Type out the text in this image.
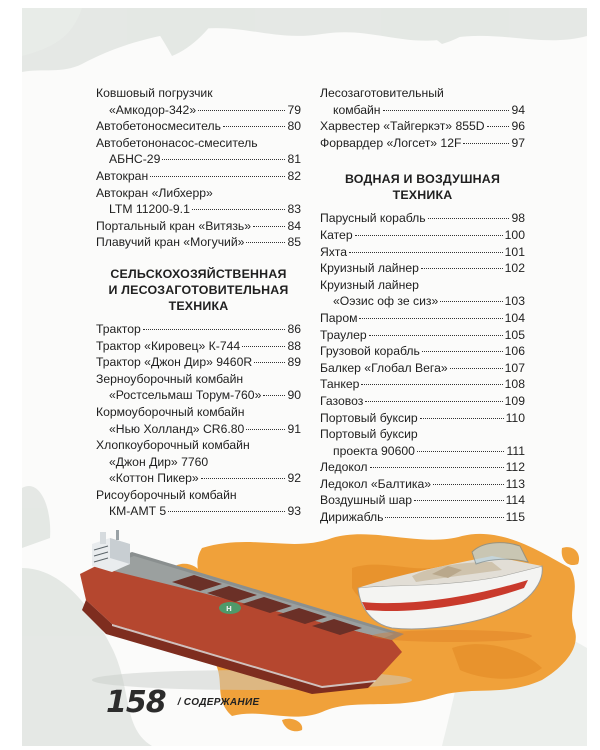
Ковшовый погрузчик
«Амкодор-342»	79
Автобетоносмеситель	80
Автобетононасос-смеситель
АБНС-29	81
Автокран	82
Автокран «Либхерр»
LTM 11200-9.1	83
Портальный кран «Витязь»	84
Плавучий кран «Могучий»	85
СЕЛЬСКОХОЗЯЙСТВЕННАЯ
И ЛЕСОЗАГОТОВИТЕЛЬНАЯ
ТЕХНИКА
Трактор	86
Трактор «Кировец» К-744	88
Трактор «Джон Дир» 9460R	89
Зерноуборочный комбайн
«Ростсельмаш Торум-760» 90
Кормоуборочный комбайн
«Нью Холланд» CR6.80	91
Хлопкоуборочный комбайн
«Джон Дир» 7760
«Коттон Пикер»	92
Рисоуборочный комбайн
КМ-АМТ 5	93
Лесозаготовительный
комбайн	94
Харвестер «Тайгеркэт» 855D 96
Форвардер «Логсет» 12F	97
ВОДНАЯ И ВОЗДУШНАЯ
ТЕХНИКА
Парусный корабль	98
Катер	100
Яхта	101
Круизный лайнер	102
Круизный лайнер
«Оэзис оф зе сиз»	103
Паром	104
Траулер	105
Грузовой корабль	106
Балкер «Глобал Вега»	107
Танкер	108
Газовоз	109
Портовый буксир	110
Портовый буксир
проекта 90600	111
Ледокол	112
Ледокол «Балтика»	113
Воздушный шар	114
Дирижабль	115
H
158 / СОДЕРЖАНИЕ
